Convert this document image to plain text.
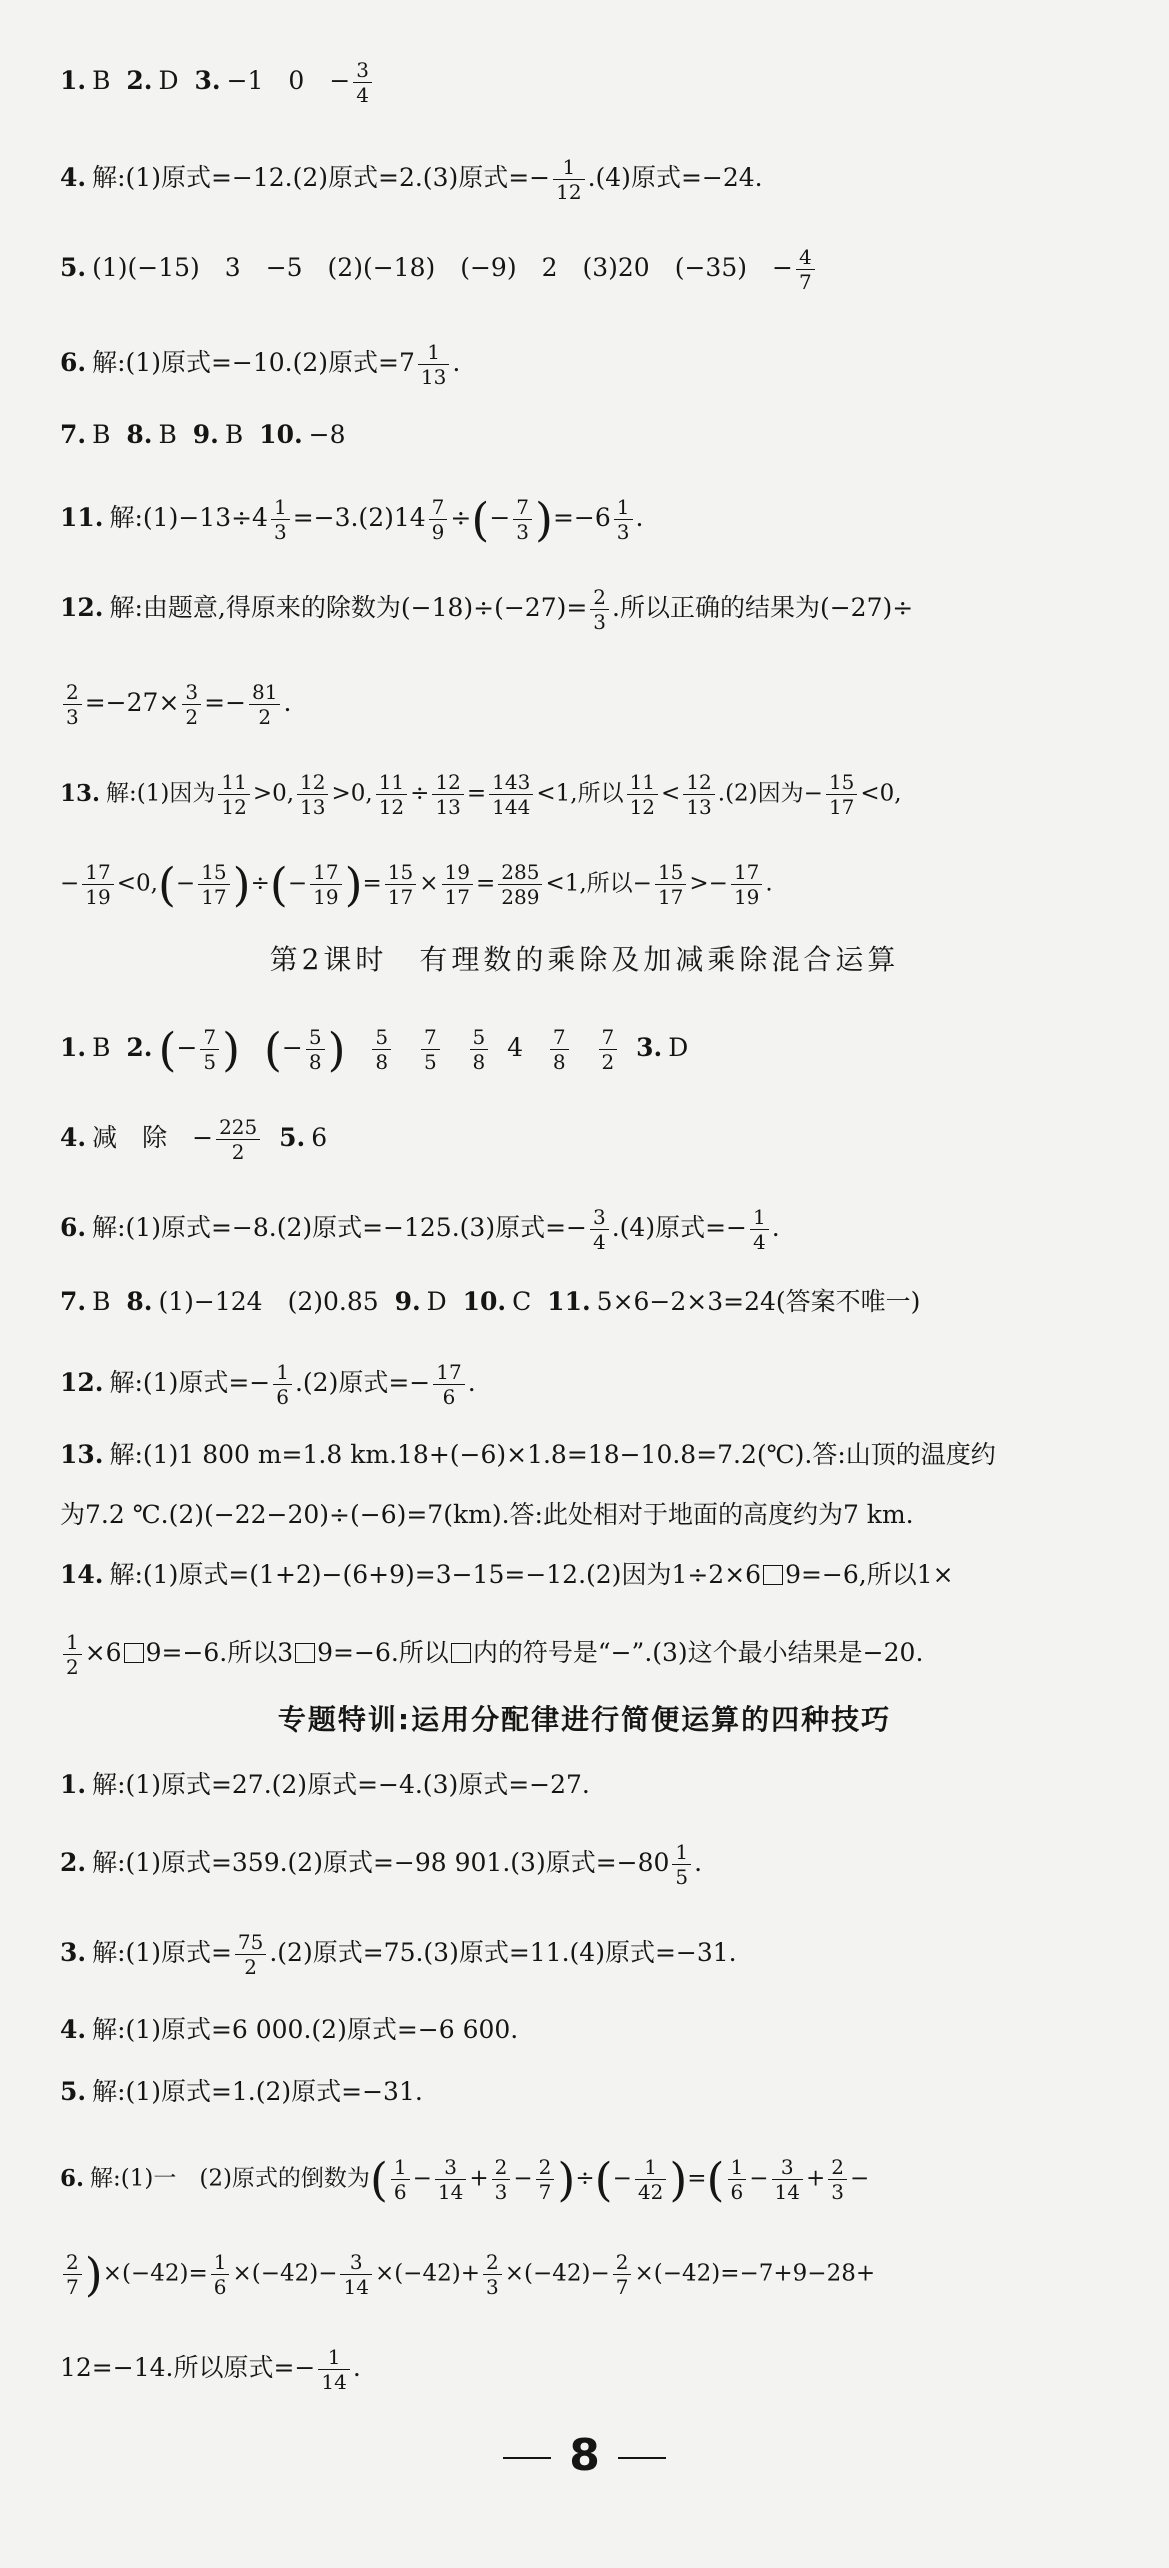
1. B 2. D 3. −1　0　− $\frac{3}{4}$
4. 解:(1)原式=−12.(2)原式=2.(3)原式=− $\frac{1}{12} .(4)$原式=−24.
5. (1)(−15)　3　−5　(2)(−18)　(−9)　2　(3)20　(−35)　− $\frac{4}{7}$
6. 解:(1)原式=−10.(2)原式$=7 \frac{1}{13}$ .
7. B 8. B 9. B 10. −8
11. 解:(1)−13÷4 $\frac{1}{3} =-3.(2)14 \frac{7}{9}$ ÷(− $\frac{7}{3} )=-6 \frac{1}{3}$ .
12. 解:由题意,得原来的除数为$(-18)\div(-27)= \frac{2}{3}$ .所以正确的结果为(−27)÷
$\frac{2}{3} =-27\times \frac{3}{2} =- \frac{81}{2}$ .
13. 解:(1)因为 $\frac{11}{12} >0$, $\frac{12}{13} >0$, $\frac{11}{12} \div \frac{12}{13} = \frac{143}{144} <1$,所以 $\frac{11}{12} < \frac{12}{13} .(2)$因为− $\frac{15}{17} <0$,
− $\frac{17}{19} <0,(- \frac{15}{17}$ )÷(− $\frac{17}{19}$ )= $\frac{15}{17} \times \frac{19}{17} = \frac{285}{289} <1$,所以− $\frac{15}{17} >- \frac{17}{19}$ .
第2课时　有理数的乘除及加减乘除混合运算
1. B 2. (− $\frac{7}{5}$ ) (− $\frac{5}{8}$ ) $\frac{5}{8}$
$\frac{7}{5}$
$\frac{5}{8} 4 \frac{7}{8}$
$\frac{7}{2} 3$. D
4. 减　除　− $\frac{225}{2} 5$. 6
6. 解:(1)原式=−8.(2)原式=−125.(3)原式=− $\frac{3}{4} .(4)$原式=− $\frac{1}{4}$ .
7. B 8. (1)−124　(2)0.85 9. D 10. C 11. 5×6−2×3=24(答案不唯一)
12. 解:(1)原式=− $\frac{1}{6} .(2)$原式=− $\frac{17}{6}$ .
13. 解:(1)1 800 m=1.8 km.18+(−6)×1.8=18−10.8=7.2(℃).答:山顶的温度约
为7.2 ℃.(2)(−22−20)÷(−6)=7(km).答:此处相对于地面的高度约为7 km.
14. 解:(1)原式=(1+2)−(6+9)=3−15=−12.(2)因为1÷2×6 9=−6,所以1×
$\frac{1}{2} \times 6$ 9=−6.所以3 9=−6.所以 内的符号是“−”.(3)这个最小结果是−20.
专题特训:运用分配律进行简便运算的四种技巧
1. 解:(1)原式=27.(2)原式=−4.(3)原式=−27.
2. 解:(1)原式=359.(2)原式=−98 901.(3)原式$=-80 \frac{1}{5}$ .
3. 解:(1)原式= $\frac{75}{2} .(2)$原式=75.(3)原式=11.(4)原式=−31.
4. 解:(1)原式=6 000.(2)原式=−6 600.
5. 解:(1)原式=1.(2)原式=−31.
6. 解:(1)一　(2)原式的倒数为( $\frac{1}{6} - \frac{3}{14} + \frac{2}{3} - \frac{2}{7}$ )÷(− $\frac{1}{42}$ )=( $\frac{1}{6} - \frac{3}{14} + \frac{2}{3}$ −
$\frac{2}{7} )\times(-42)= \frac{1}{6} \times(-42)- \frac{3}{14} \times(-42)+ \frac{2}{3} \times(-42)- \frac{2}{7} \times(-42)=-7+9-28+$
12=−14.所以原式=− $\frac{1}{14}$ .
8
